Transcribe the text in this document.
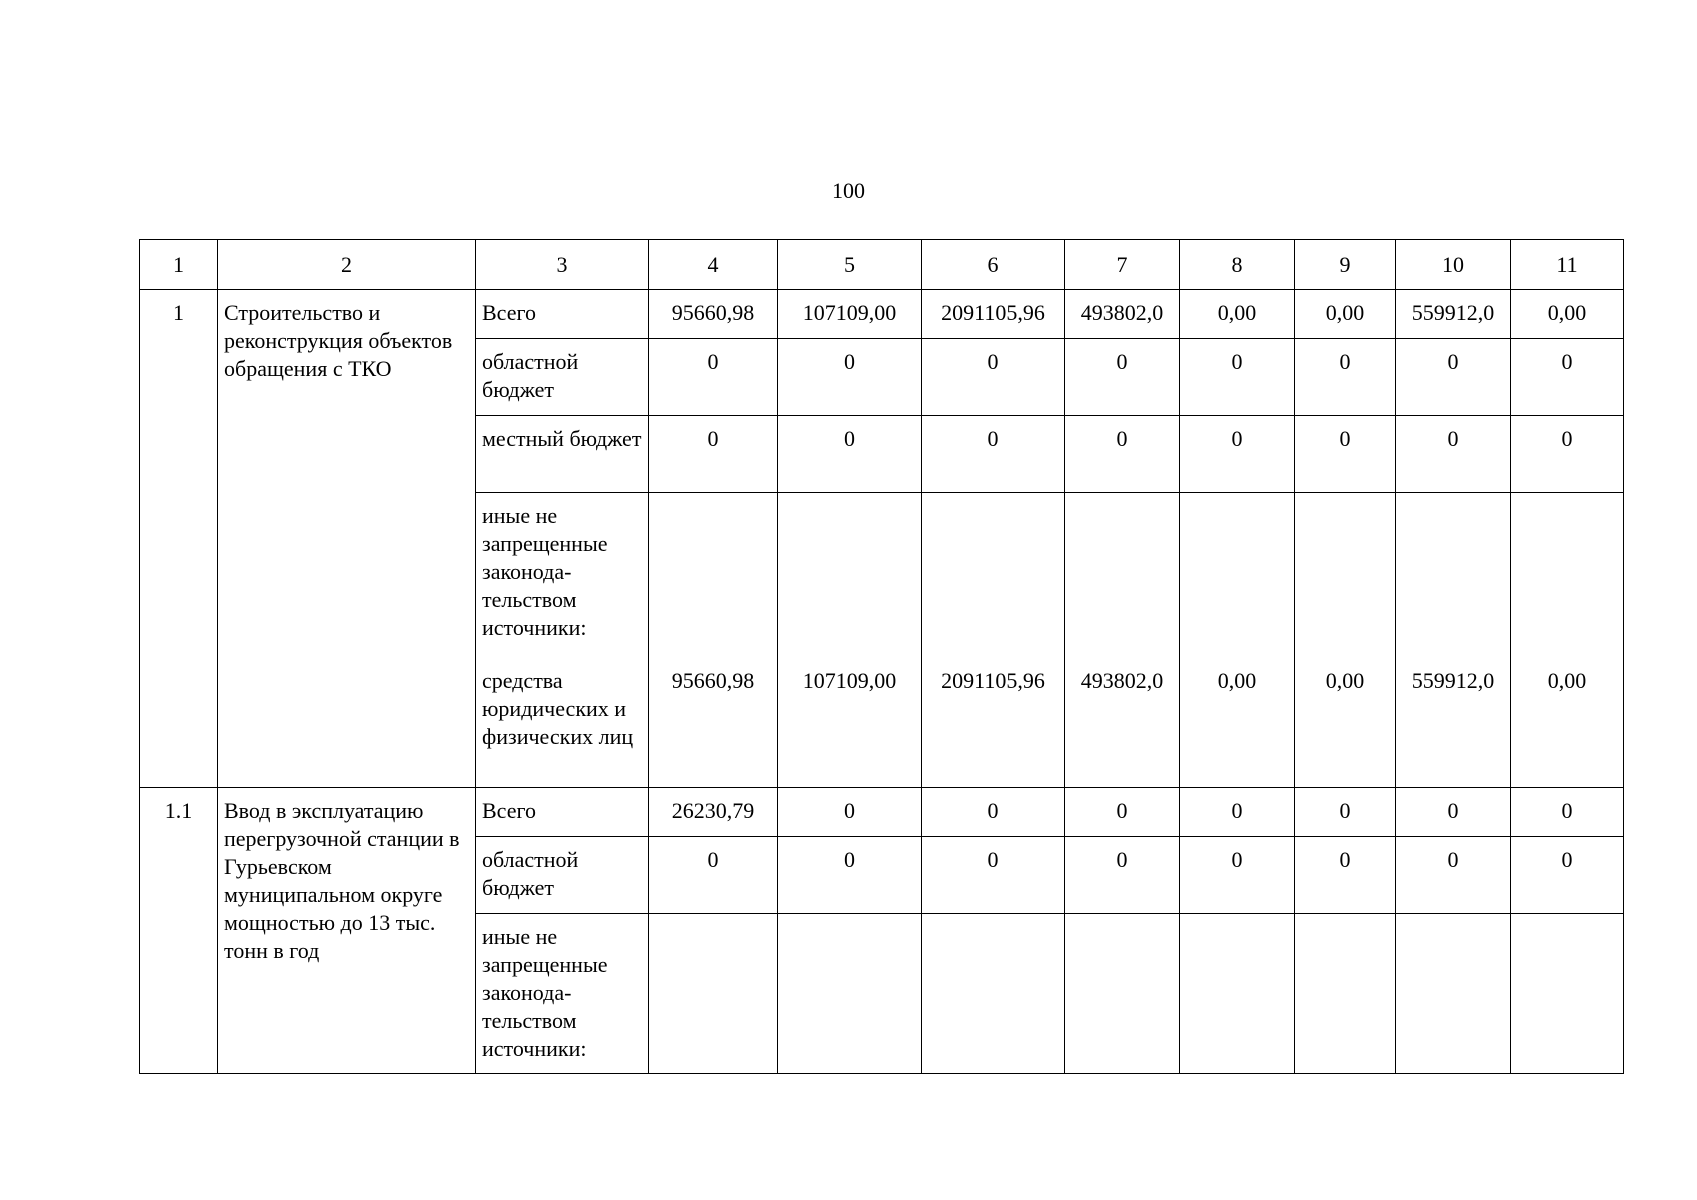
100
1	2	3	4	5	6	7	8	9	10	11
1	Строительство и реконструкция объектов обращения с ТКО	Всего	95660,98	107109,00	2091105,96	493802,0	0,00	0,00	559912,0	0,00
		областной бюджет	0	0	0	0	0	0	0	0
		местный бюджет	0	0	0	0	0	0	0	0
		иные не запрещенные законода-тельством источники:								
		средства юридических и физических лиц	95660,98	107109,00	2091105,96	493802,0	0,00	0,00	559912,0	0,00
1.1	Ввод в эксплуатацию перегрузочной станции в Гурьевском муниципальном округе мощностью до 13 тыс. тонн в год	Всего	26230,79	0	0	0	0	0	0	0
		областной бюджет	0	0	0	0	0	0	0	0
		иные не запрещенные законода-тельством источники:								
